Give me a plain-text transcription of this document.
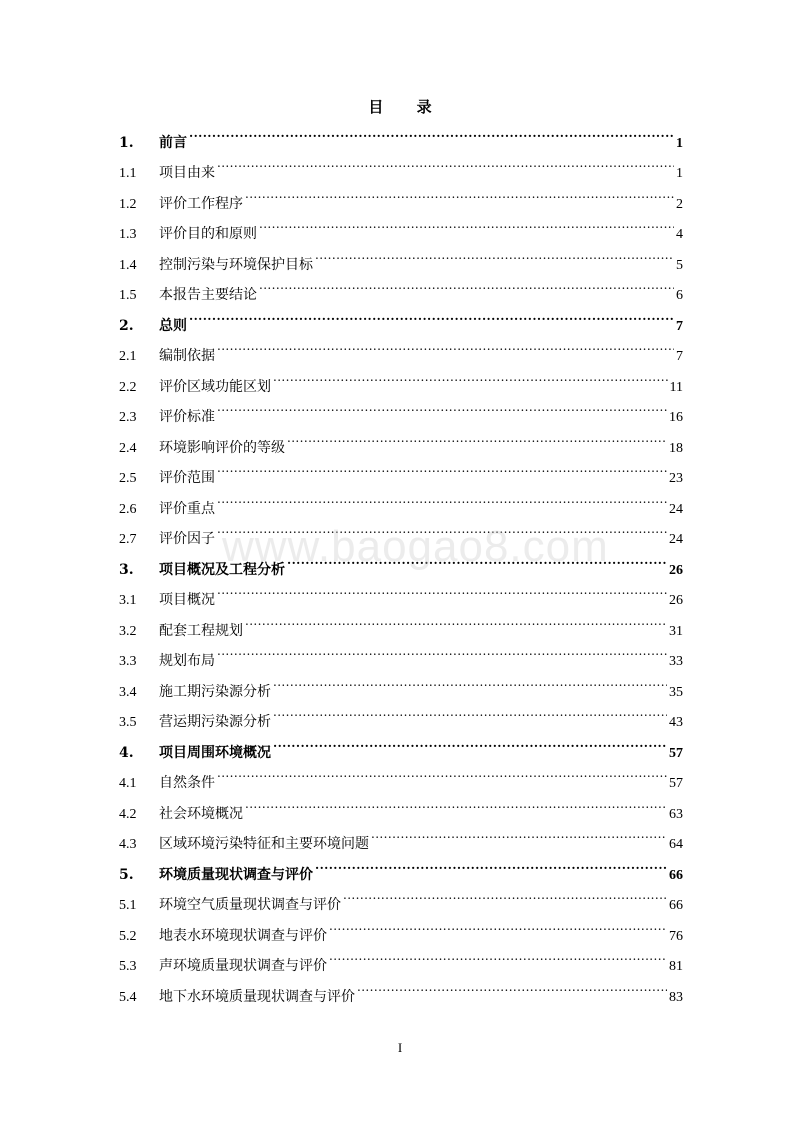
目 录
1.	前言 .....	1
1.1	项目由来 .....	1
1.2	评价工作程序 .....	2
1.3	评价目的和原则 .....	4
1.4	控制污染与环境保护目标 .....	5
1.5	本报告主要结论 .....	6
2.	总则 .....	7
2.1	编制依据 .....	7
2.2	评价区域功能区划 .....	11
2.3	评价标准 .....	16
2.4	环境影响评价的等级 .....	18
2.5	评价范围 .....	23
2.6	评价重点 .....	24
2.7	评价因子 .....	24
3.	项目概况及工程分析 .....	26
3.1	项目概况 .....	26
3.2	配套工程规划 .....	31
3.3	规划布局 .....	33
3.4	施工期污染源分析 .....	35
3.5	营运期污染源分析 .....	43
4.	项目周围环境概况 .....	57
4.1	自然条件 .....	57
4.2	社会环境概况 .....	63
4.3	区域环境污染特征和主要环境问题 .....	64
5.	环境质量现状调查与评价 .....	66
5.1	环境空气质量现状调查与评价 .....	66
5.2	地表水环境现状调查与评价 .....	76
5.3	声环境质量现状调查与评价 .....	81
5.4	地下水环境质量现状调查与评价 .....	83
www.baogao8.com
I
